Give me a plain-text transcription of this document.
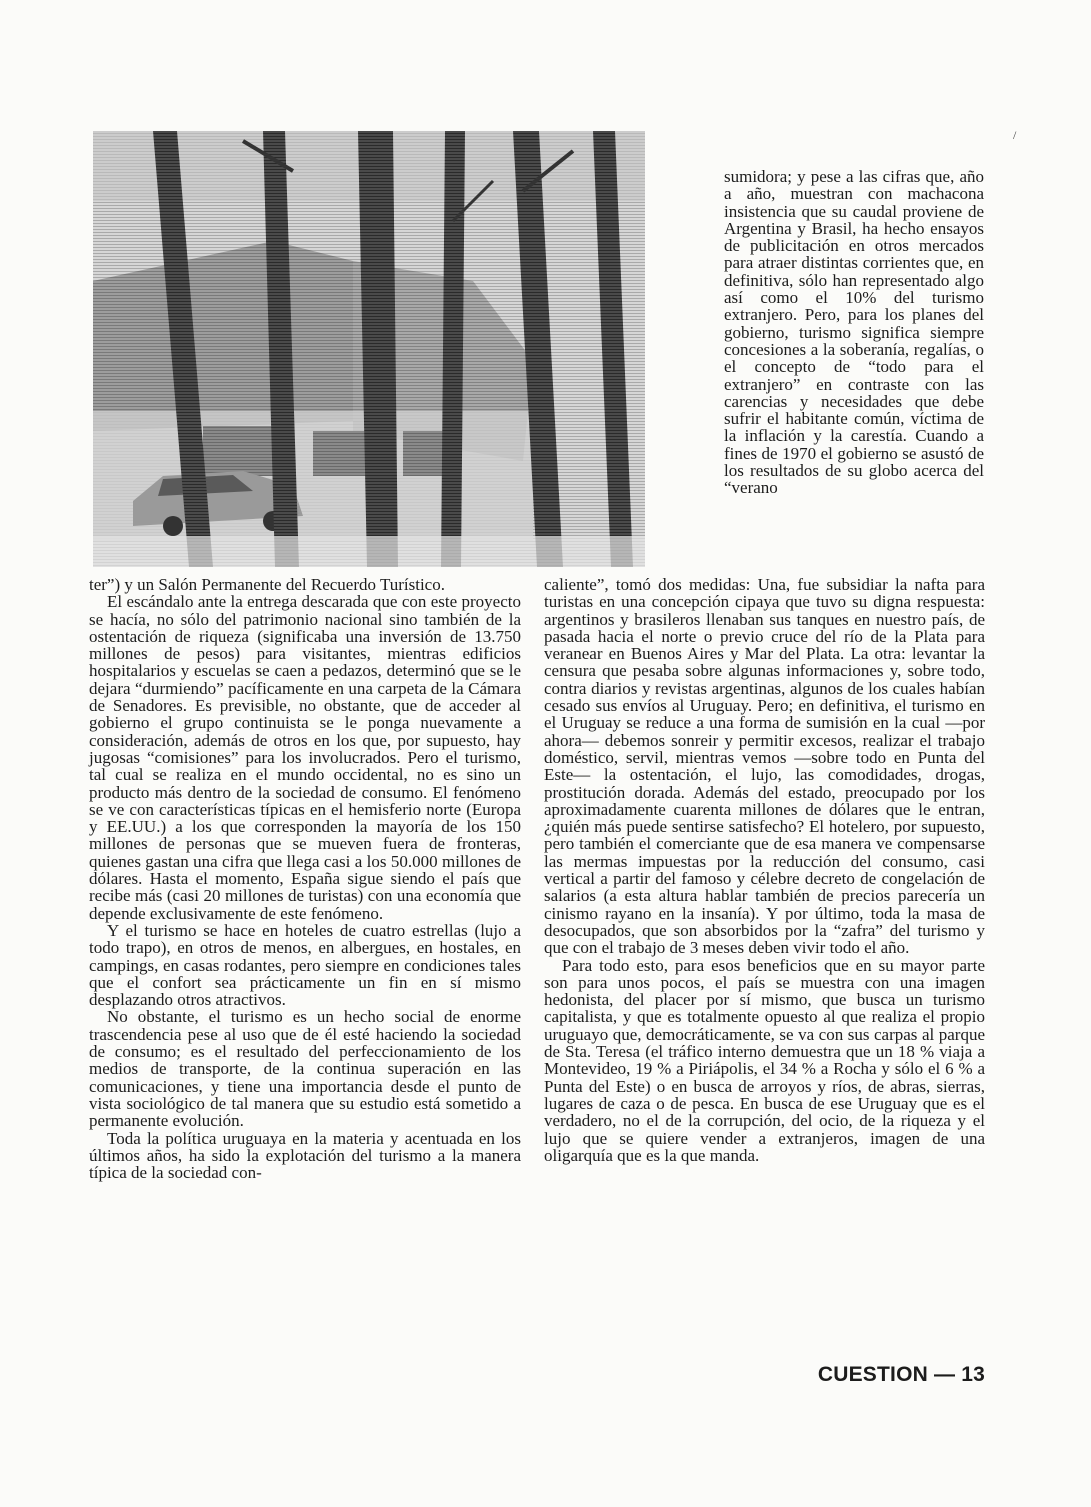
/

sumidora; y pese a las cifras que, año a año, muestran con machacona insistencia que su caudal proviene de Argentina y Brasil, ha hecho ensayos de publicitación en otros mercados para atraer distintas corrientes que, en definitiva, sólo han representado algo así como el 10% del turismo extranjero. Pero, para los planes del gobierno, turismo significa siempre concesiones a la soberanía, regalías, o el concepto de “todo para el extranjero” en contraste con las carencias y necesidades que debe sufrir el habitante común, víctima de la inflación y la carestía. Cuando a fines de 1970 el gobierno se asustó de los resultados de su globo acerca del “verano

ter”) y un Salón Permanente del Recuerdo Turístico.

El escándalo ante la entrega descarada que con este proyecto se hacía, no sólo del patrimonio nacional sino también de la ostentación de riqueza (significaba una inversión de 13.750 millones de pesos) para visitantes, mientras edificios hospitalarios y escuelas se caen a pedazos, determinó que se le dejara “durmiendo” pacíficamente en una carpeta de la Cámara de Senadores. Es previsible, no obstante, que de acceder al gobierno el grupo continuista se le ponga nuevamente a consideración, además de otros en los que, por supuesto, hay jugosas “comisiones” para los involucrados. Pero el turismo, tal cual se realiza en el mundo occidental, no es sino un producto más dentro de la sociedad de consumo. El fenómeno se ve con características típicas en el hemisferio norte (Europa y EE.UU.) a los que corresponden la mayoría de los 150 millones de personas que se mueven fuera de fronteras, quienes gastan una cifra que llega casi a los 50.000 millones de dólares. Hasta el momento, España sigue siendo el país que recibe más (casi 20 millones de turistas) con una economía que depende exclusivamente de este fenómeno.

Y el turismo se hace en hoteles de cuatro estrellas (lujo a todo trapo), en otros de menos, en albergues, en hostales, en campings, en casas rodantes, pero siempre en condiciones tales que el confort sea prácticamente un fin en sí mismo desplazando otros atractivos.

No obstante, el turismo es un hecho social de enorme trascendencia pese al uso que de él esté haciendo la sociedad de consumo; es el resultado del perfeccionamiento de los medios de transporte, de la continua superación en las comunicaciones, y tiene una importancia desde el punto de vista sociológico de tal manera que su estudio está sometido a permanente evolución.

Toda la política uruguaya en la materia y acentuada en los últimos años, ha sido la explotación del turismo a la manera típica de la sociedad con-

caliente”, tomó dos medidas: Una, fue subsidiar la nafta para turistas en una concepción cipaya que tuvo su digna respuesta: argentinos y brasileros llenaban sus tanques en nuestro país, de pasada hacia el norte o previo cruce del río de la Plata para veranear en Buenos Aires y Mar del Plata. La otra: levantar la censura que pesaba sobre algunas informaciones y, sobre todo, contra diarios y revistas argentinas, algunos de los cuales habían cesado sus envíos al Uruguay. Pero; en definitiva, el turismo en el Uruguay se reduce a una forma de sumisión en la cual —por ahora— debemos sonreir y permitir excesos, realizar el trabajo doméstico, servil, mientras vemos —sobre todo en Punta del Este— la ostentación, el lujo, las comodidades, drogas, prostitución dorada. Además del estado, preocupado por los aproximadamente cuarenta millones de dólares que le entran, ¿quién más puede sentirse satisfecho? El hotelero, por supuesto, pero también el comerciante que de esa manera ve compensarse las mermas impuestas por la reducción del consumo, casi vertical a partir del famoso y célebre decreto de congelación de salarios (a esta altura hablar también de precios parecería un cinismo rayano en la insanía). Y por último, toda la masa de desocupados, que son absorbidos por la “zafra” del turismo y que con el trabajo de 3 meses deben vivir todo el año.

Para todo esto, para esos beneficios que en su mayor parte son para unos pocos, el país se muestra con una imagen hedonista, del placer por sí mismo, que busca un turismo capitalista, y que es totalmente opuesto al que realiza el propio uruguayo que, democráticamente, se va con sus carpas al parque de Sta. Teresa (el tráfico interno demuestra que un 18 % viaja a Montevideo, 19 % a Piriápolis, el 34 % a Rocha y sólo el 6 % a Punta del Este) o en busca de arroyos y ríos, de abras, sierras, lugares de caza o de pesca. En busca de ese Uruguay que es el verdadero, no el de la corrupción, del ocio, de la riqueza y el lujo que se quiere vender a extranjeros, imagen de una oligarquía que es la que manda.

CUESTION — 13
